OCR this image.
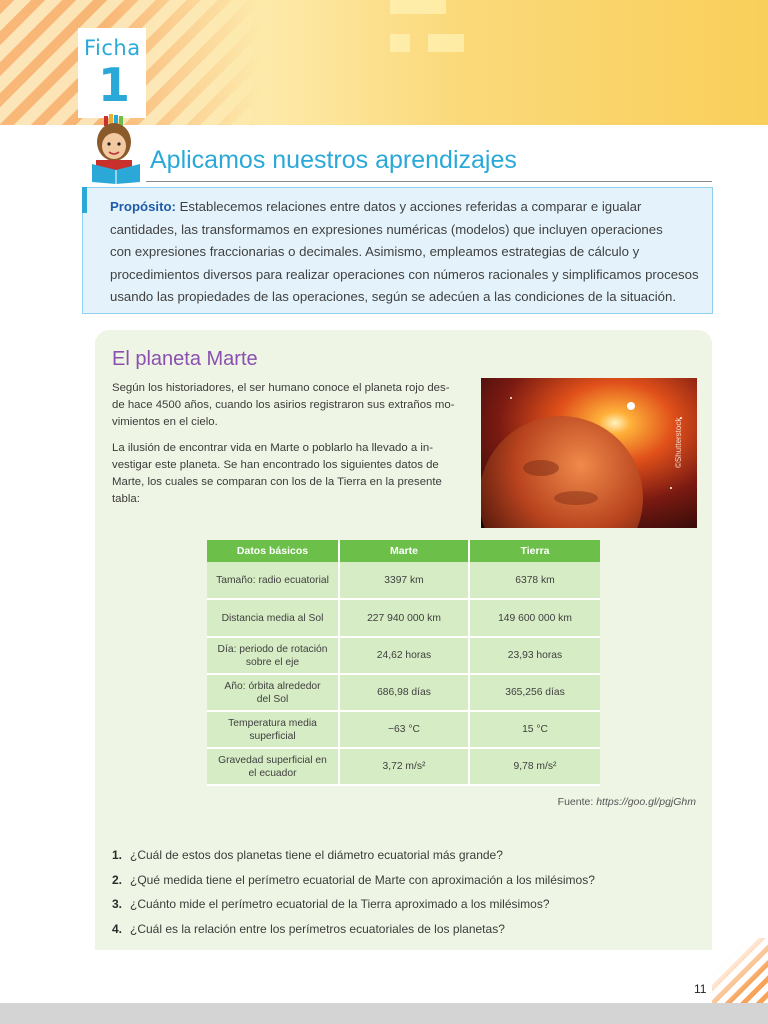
Ficha
1
Aplicamos nuestros aprendizajes
Propósito: Establecemos relaciones entre datos y acciones referidas a comparar e igualar
cantidades, las transformamos en expresiones numéricas (modelos) que incluyen operaciones
con expresiones fraccionarias o decimales. Asimismo, empleamos estrategias de cálculo y
procedimientos diversos para realizar operaciones con números racionales y simplificamos procesos
usando las propiedades de las operaciones, según se adecúen a las condiciones de la situación.
El planeta Marte
Según los historiadores, el ser humano conoce el planeta rojo des-
de hace 4500 años, cuando los asirios registraron sus extraños mo-
vimientos en el cielo.
La ilusión de encontrar vida en Marte o poblarlo ha llevado a in-
vestigar este planeta. Se han encontrado los siguientes datos de
Marte, los cuales se comparan con los de la Tierra en la presente
tabla:
©Shutterstock
Datos básicos	Marte	Tierra

Tamaño: radio ecuatorial	3397 km	6378 km

Distancia media al Sol	227 940 000 km	149 600 000 km

Día: periodo de rotación
sobre el eje	24,62 horas	23,93 horas

Año: órbita alrededor
del Sol	686,98 días	365,256 días

Temperatura media
superficial	−63 °C	15 °C

Gravedad superficial en
el ecuador	3,72 m/s²	9,78 m/s²
Fuente: https://goo.gl/pgjGhm
1. ¿Cuál de estos dos planetas tiene el diámetro ecuatorial más grande?
2. ¿Qué medida tiene el perímetro ecuatorial de Marte con aproximación a los milésimos?
3. ¿Cuánto mide el perímetro ecuatorial de la Tierra aproximado a los milésimos?
4. ¿Cuál es la relación entre los perímetros ecuatoriales de los planetas?
11
